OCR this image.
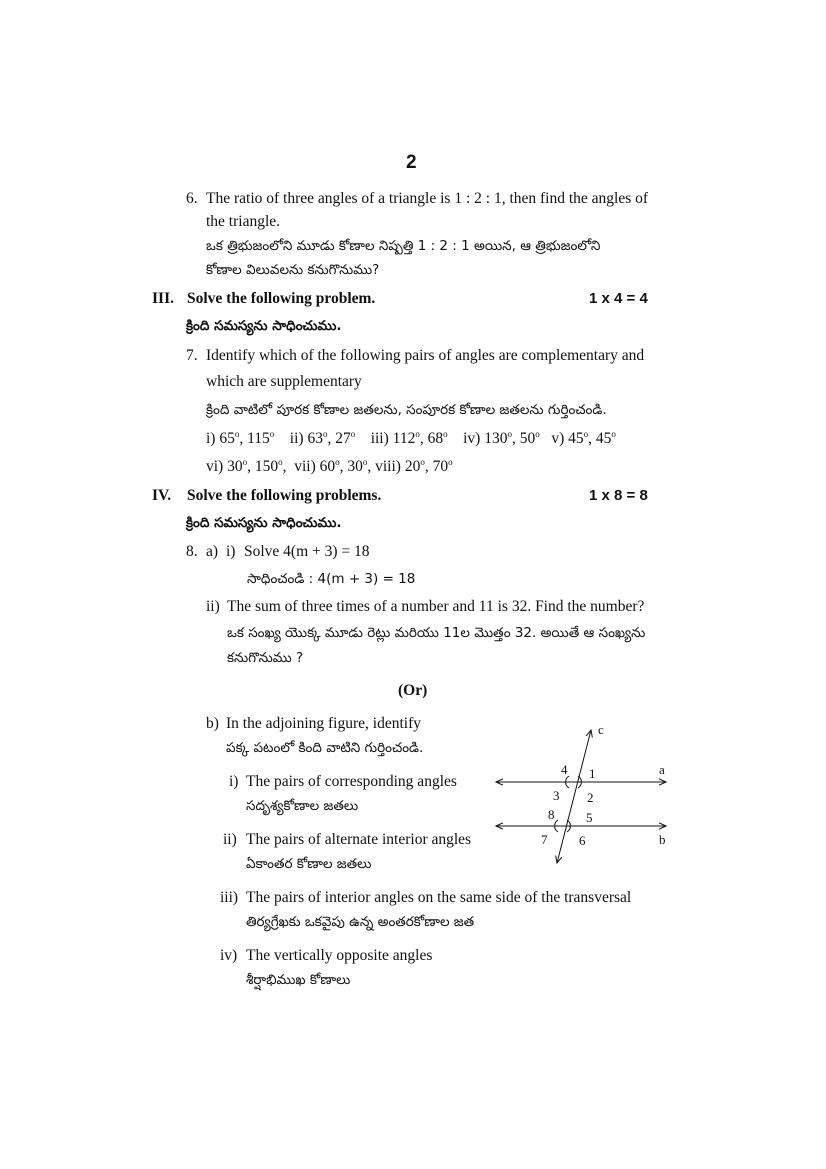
2
6. The ratio of three angles of a triangle is 1 : 2 : 1, then find the angles of
the triangle.
ఒక త్రిభుజంలోని మూడు కోణాల నిష్పత్తి 1 : 2 : 1 అయిన, ఆ త్రిభుజంలోని
కోణాల విలువలను కనుగొనుము?
III. Solve the following problem.	1 x 4 = 4
క్రింది సమస్యను సాధించుము.
7. Identify which of the following pairs of angles are complementary and
which are supplementary
క్రింది వాటిలో పూరక కోణాల జతలను, సంపూరక కోణాల జతలను గుర్తించండి.
i) 65$^o$, 115$^o$ ii) 63$^o$, 27$^o$ iii) 112$^o$, 68$^o$ iv) 130$^o$, 50$^o$ v) 45$^o$, 45$^o$
vi) 30$^o$, 150$^o$,  vii) 60$^o$, 30$^o$, viii) 20$^o$, 70$^o$
IV. Solve the following problems.	1 x 8 = 8
క్రింది సమస్యను సాధించుము.
8. a) i) Solve 4(m + 3) = 18
సాధించండి : 4(m + 3) = 18
ii) The sum of three times of a number and 11 is 32. Find the number?
ఒక సంఖ్య యొక్క మూడు రెట్లు మరియు 11ల మొత్తం 32. అయితే ఆ సంఖ్యను
కనుగొనుము ?
(Or)
b) In the adjoining figure, identify
పక్క పటంలో కింది వాటిని గుర్తించండి.
i) The pairs of corresponding angles
సదృశ్యకోణాల జతలు
ii) The pairs of alternate interior angles
ఏకాంతర కోణాల జతలు
iii) The pairs of interior angles on the same side of the transversal
తిర్యగ్రేఖకు ఒకవైపు ఉన్న అంతరకోణాల జత
iv) The vertically opposite angles
శీర్షాభిముఖ కోణాలు
c
a
b
1
2
3
4
5
6
7
8
